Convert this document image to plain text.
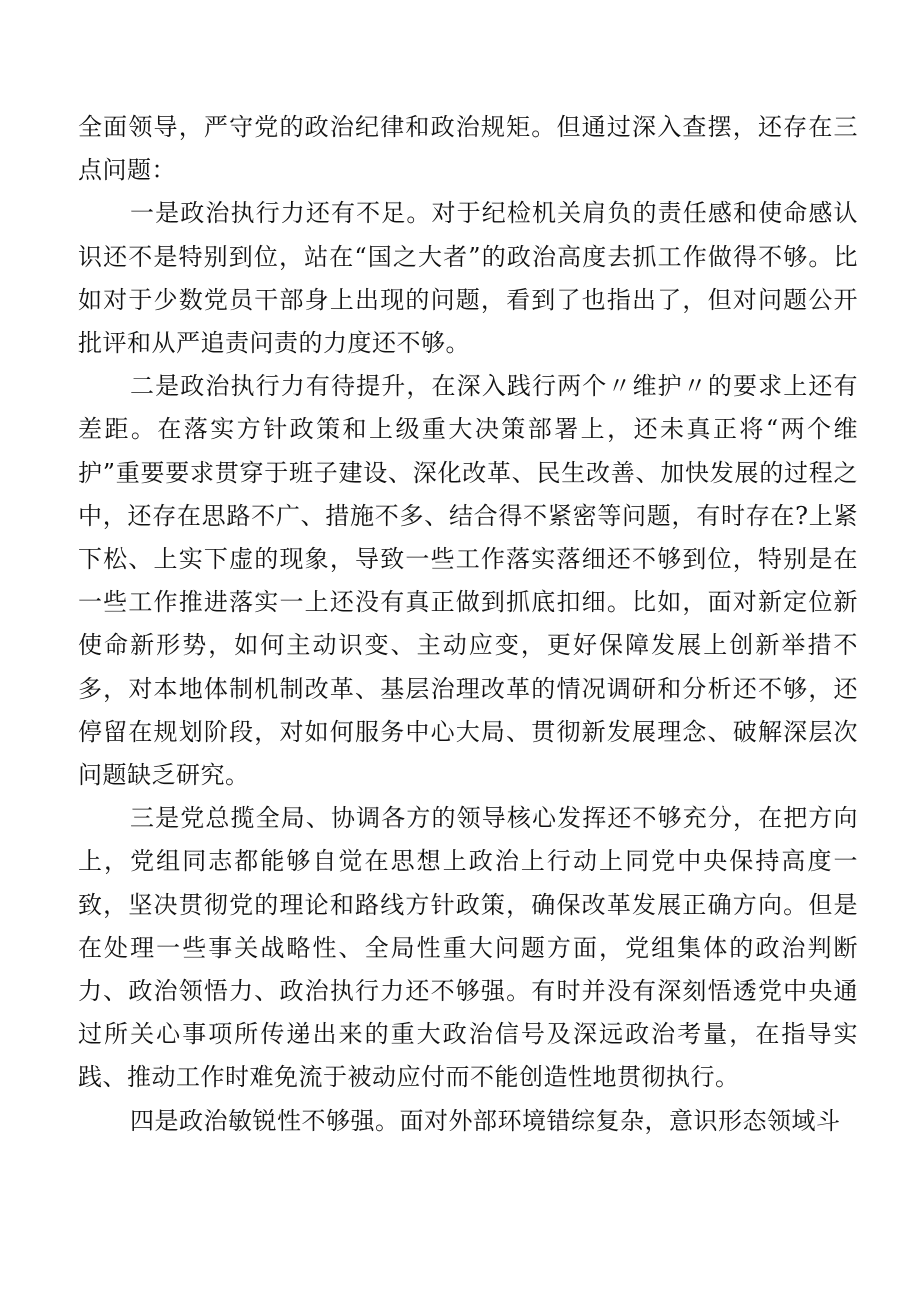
全面领导，严守党的政治纪律和政治规矩。但通过深入查摆，还存在三点问题：

一是政治执行力还有不足。对于纪检机关肩负的责任感和使命感认识还不是特别到位，站在“国之大者”的政治高度去抓工作做得不够。比如对于少数党员干部身上出现的问题，看到了也指出了，但对问题公开批评和从严追责问责的力度还不够。

二是政治执行力有待提升，在深入践行两个〃维护〃的要求上还有差距。在落实方针政策和上级重大决策部署上，还未真正将“两个维护”重要要求贯穿于班子建设、深化改革、民生改善、加快发展的过程之中，还存在思路不广、措施不多、结合得不紧密等问题，有时存在?上紧下松、上实下虚的现象，导致一些工作落实落细还不够到位，特别是在一些工作推进落实一上还没有真正做到抓底扣细。比如，面对新定位新使命新形势，如何主动识变、主动应变，更好保障发展上创新举措不多，对本地体制机制改革、基层治理改革的情况调研和分析还不够，还停留在规划阶段，对如何服务中心大局、贯彻新发展理念、破解深层次问题缺乏研究。

三是党总揽全局、协调各方的领导核心发挥还不够充分，在把方向上，党组同志都能够自觉在思想上政治上行动上同党中央保持高度一致，坚决贯彻党的理论和路线方针政策，确保改革发展正确方向。但是在处理一些事关战略性、全局性重大问题方面，党组集体的政治判断力、政治领悟力、政治执行力还不够强。有时并没有深刻悟透党中央通过所关心事项所传递出来的重大政治信号及深远政治考量，在指导实践、推动工作时难免流于被动应付而不能创造性地贯彻执行。

四是政治敏锐性不够强。面对外部环境错综复杂，意识形态领域斗
